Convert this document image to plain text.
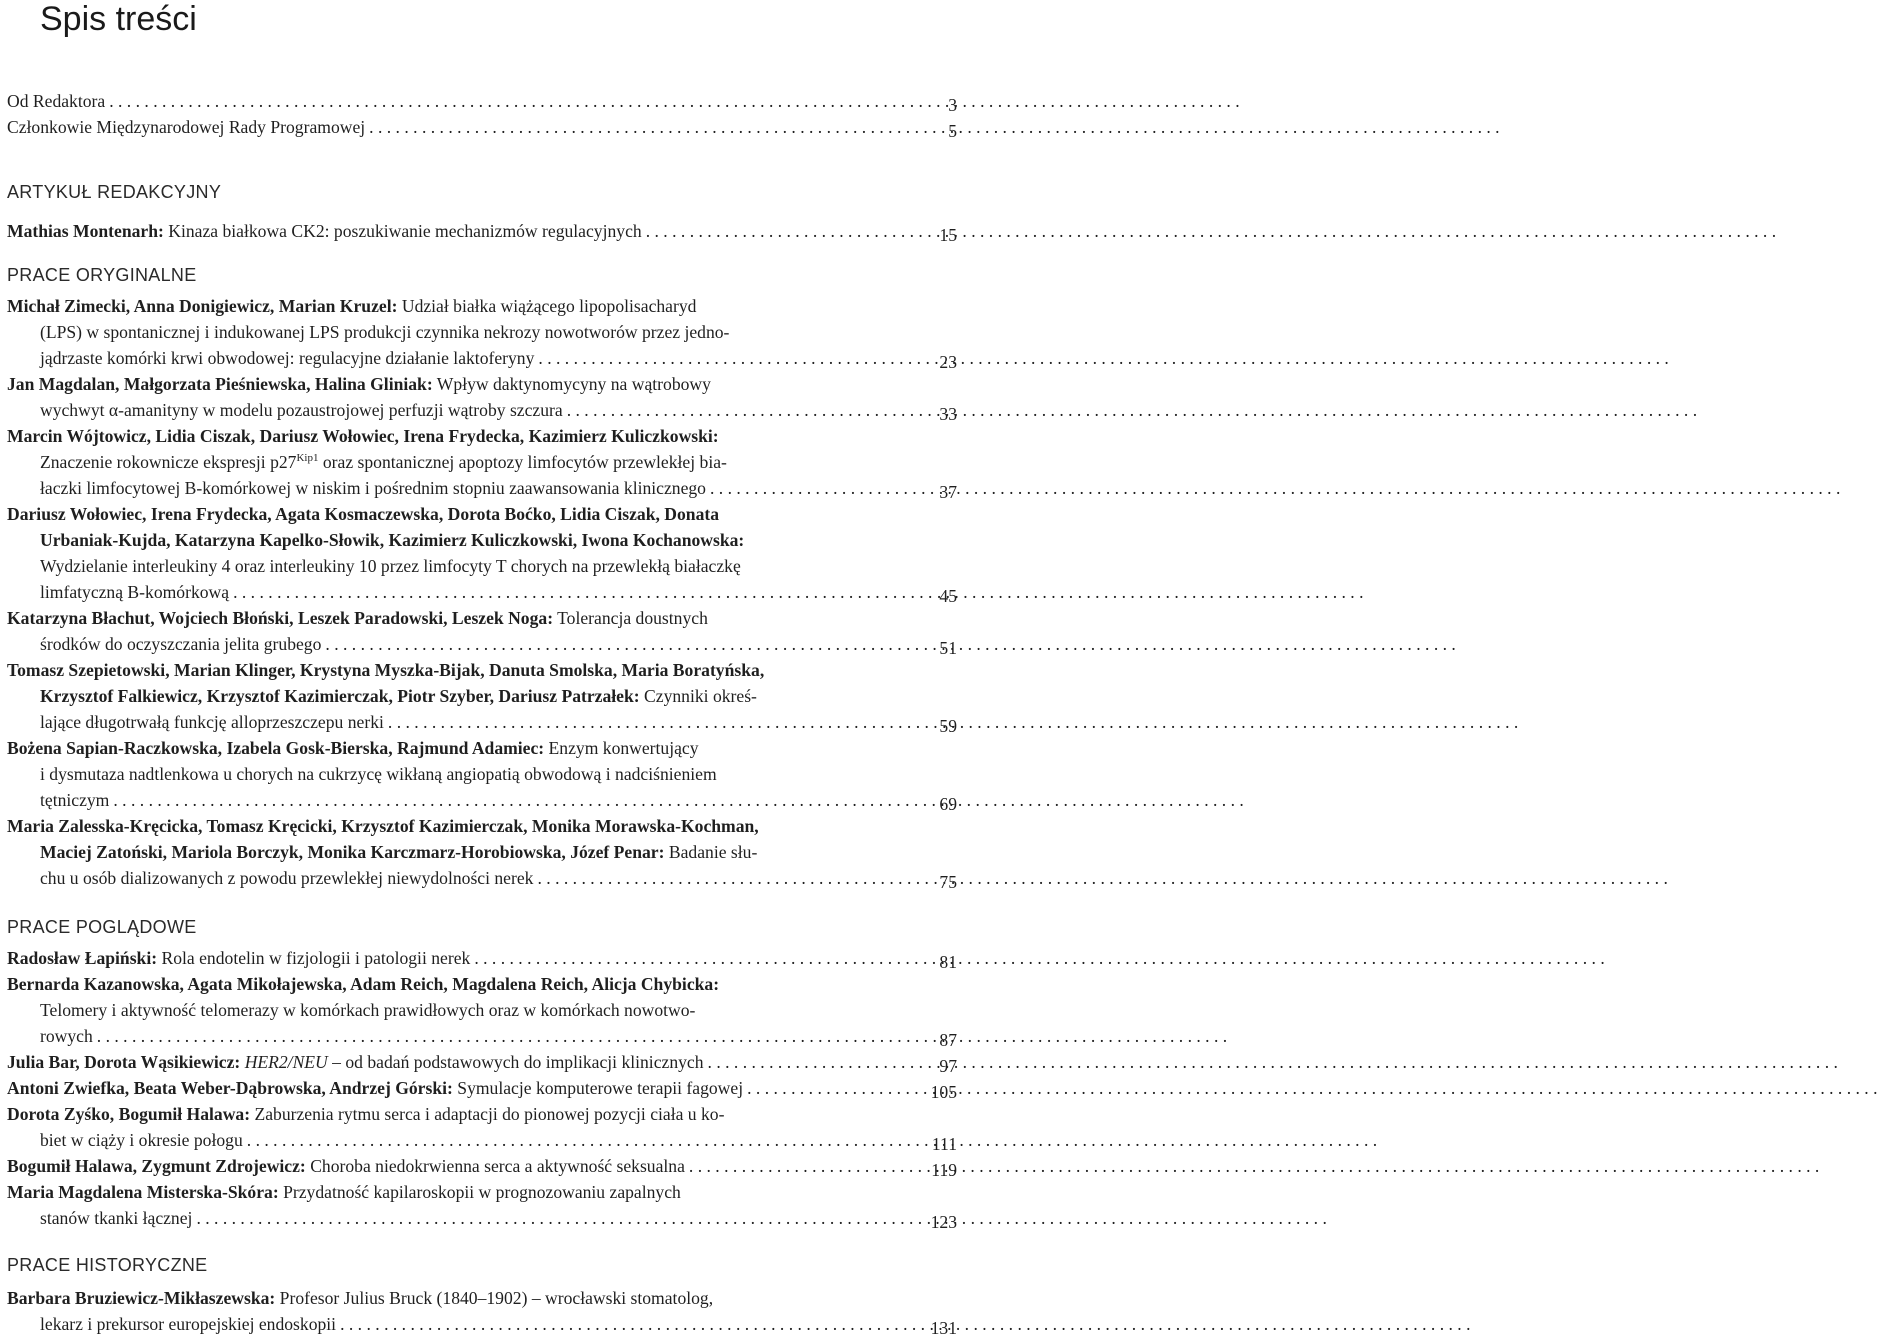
Spis treści
Od Redaktora . . .	3
Członkowie Międzynarodowej Rady Programowej . . .	5
ARTYKUŁ REDAKCYJNY
Mathias Montenarh: Kinaza białkowa CK2: poszukiwanie mechanizmów regulacyjnych . . .	15
PRACE ORYGINALNE
Michał Zimecki, Anna Donigiewicz, Marian Kruzel: Udział białka wiążącego lipopolisacharyd
(LPS) w spontanicznej i indukowanej LPS produkcji czynnika nekrozy nowotworów przez jedno-
jądrzaste komórki krwi obwodowej: regulacyjne działanie laktoferyny . . .	23
Jan Magdalan, Małgorzata Pieśniewska, Halina Gliniak: Wpływ daktynomycyny na wątrobowy
wychwyt α-amanityny w modelu pozaustrojowej perfuzji wątroby szczura . . .	33
Marcin Wójtowicz, Lidia Ciszak, Dariusz Wołowiec, Irena Frydecka, Kazimierz Kuliczkowski:
Znaczenie rokownicze ekspresji $p27^{Kip1}$ oraz spontanicznej apoptozy limfocytów przewlekłej bia-
łaczki limfocytowej B-komórkowej w niskim i pośrednim stopniu zaawansowania klinicznego . . .	37
Dariusz Wołowiec, Irena Frydecka, Agata Kosmaczewska, Dorota Boćko, Lidia Ciszak, Donata
Urbaniak-Kujda, Katarzyna Kapelko-Słowik, Kazimierz Kuliczkowski, Iwona Kochanowska:
Wydzielanie interleukiny 4 oraz interleukiny 10 przez limfocyty T chorych na przewlekłą białaczkę
limfatyczną B-komórkową . . .	45
Katarzyna Błachut, Wojciech Błoński, Leszek Paradowski, Leszek Noga: Tolerancja doustnych
środków do oczyszczania jelita grubego . . .	51
Tomasz Szepietowski, Marian Klinger, Krystyna Myszka-Bijak, Danuta Smolska, Maria Boratyńska,
Krzysztof Falkiewicz, Krzysztof Kazimierczak, Piotr Szyber, Dariusz Patrzałek: Czynniki okreś-
lające długotrwałą funkcję alloprzeszczepu nerki . . .	59
Bożena Sapian-Raczkowska, Izabela Gosk-Bierska, Rajmund Adamiec: Enzym konwertujący
i dysmutaza nadtlenkowa u chorych na cukrzycę wikłaną angiopatią obwodową i nadciśnieniem
tętniczym . . .	69
Maria Zalesska-Kręcicka, Tomasz Kręcicki, Krzysztof Kazimierczak, Monika Morawska-Kochman,
Maciej Zatoński, Mariola Borczyk, Monika Karczmarz-Horobiowska, Józef Penar: Badanie słu-
chu u osób dializowanych z powodu przewlekłej niewydolności nerek . . .	75
PRACE POGLĄDOWE
Radosław Łapiński: Rola endotelin w fizjologii i patologii nerek . . .	81
Bernarda Kazanowska, Agata Mikołajewska, Adam Reich, Magdalena Reich, Alicja Chybicka:
Telomery i aktywność telomerazy w komórkach prawidłowych oraz w komórkach nowotwo-
rowych . . .	87
Julia Bar, Dorota Wąsikiewicz: HER2/NEU – od badań podstawowych do implikacji klinicznych . . .	97
Antoni Zwiefka, Beata Weber-Dąbrowska, Andrzej Górski: Symulacje komputerowe terapii fagowej . . .	105
Dorota Zyśko, Bogumił Halawa: Zaburzenia rytmu serca i adaptacji do pionowej pozycji ciała u ko-
biet w ciąży i okresie połogu . . .	111
Bogumił Halawa, Zygmunt Zdrojewicz: Choroba niedokrwienna serca a aktywność seksualna . . .	119
Maria Magdalena Misterska-Skóra: Przydatność kapilaroskopii w prognozowaniu zapalnych
stanów tkanki łącznej . . .	123
PRACE HISTORYCZNE
Barbara Bruziewicz-Mikłaszewska: Profesor Julius Bruck (1840–1902) – wrocławski stomatolog,
lekarz i prekursor europejskiej endoskopii . . .	131
